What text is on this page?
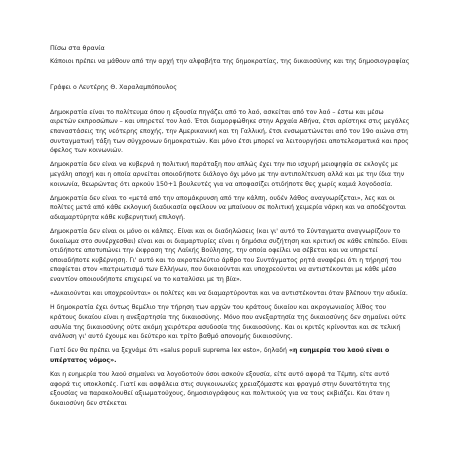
Πίσω στα θρανία
Κάποιοι πρέπει να μάθουν από την αρχή την αλφαβήτα της δημοκρατίας, της δικαιοσύνης και της δημοσιογραφίας
Γράφει ο Λευτέρης Θ. Χαραλαμπόπουλος
Δημοκρατία είναι το πολίτευμα όπου η εξουσία πηγάζει από το λαό, ασκείται από τον λαό – έστω και μέσω αιρετών εκπροσώπων – και υπηρετεί τον λαό. Έτσι διαμορφώθηκε στην Αρχαία Αθήνα, έτσι αρίστηκε στις μεγάλες επαναστάσεις της νεότερης εποχής, την Αμερικανική και τη Γαλλική, έτσι ενσωματώνεται από τον 19ο αιώνα στη συνταγματική τάξη των σύγχρονων δημοκρατιών. Και μόνο έτσι μπορεί να λειτουργήσει αποτελεσματικά και προς όφελος των κοινωνιών.
Δημοκρατία δεν είναι να κυβερνά η πολιτική παράταξη που απλώς έχει την πιο ισχυρή μειοψηφία σε εκλογές με μεγάλη αποχή και η οποία αρνείται οποιοδήποτε διάλογο όχι μόνο με την αντιπολίτευση αλλά και με την ίδια την κοινωνία, θεωρώντας ότι αρκούν 150+1 βουλευτές για να αποφασίζει οτιδήποτε θες χωρίς καμιά λογοδοσία.
Δημοκρατία δεν είναι το «μετά από την απομάκρυνση από την κάλπη, ουδέν λάθος αναγνωρίζεται», λες και οι πολίτες μετά από κάθε εκλογική διαδικασία οφείλουν να μπαίνουν σε πολιτική χειμερία νάρκη και να αποδέχονται αδιαμαρτύρητα κάθε κυβερνητική επιλογή.
Δημοκρατία δεν είναι οι μόνο οι κάλπες. Είναι και οι διαδηλώσεις (και γι' αυτό το Σύνταγματα αναγνωρίζουν το δικαίωμα στο συνέρχεσθαι) είναι και οι διαμαρτυρίες είναι η δημόσια συζήτηση και κριτική σε κάθε επίπεδο. Είναι οτιδήποτε αποτυπώνει την έκφραση της Λαϊκής Βούλησης, την οποία οφείλει να σέβεται και να υπηρετεί οποιαδήποτε κυβέρνηση. Γι' αυτό και το ακροτελεύτιο άρθρο του Συντάγματος ρητά αναφέρει ότι η τήρησή του επαφίεται στον «πατριωτισμό των Ελλήνων, που δικαιούνται και υποχρεούνται να αντιστέκονται με κάθε μέσο εναντίον οποιουδήποτε επιχειρεί να το καταλύσει με τη βία».
«Δικαιούνται και υποχρεούνται» οι πολίτες και να διαμαρτύρονται και να αντιστέκονται όταν βλέπουν την αδικία.
Η δημοκρατία έχει όντως θεμέλιο την τήρηση των αρχών του κράτους δικαίου και ακρογωνιαίος λίθος του κράτους δικαίου είναι η ανεξαρτησία της δικαιοσύνης. Μόνο που ανεξαρτησία της δικαιοσύνης δεν σημαίνει ούτε ασυλία της δικαιοσύνης ούτε ακόμη χειρότερα ασυδοσία της δικαιοσύνης. Και οι κριτές κρίνονται και σε τελική ανάλυση γι' αυτό έχουμε και δεύτερο και τρίτο βαθμό απονομής δικαιοσύνης.
Γιατί δεν θα πρέπει να ξεχνάμε ότι «salus populi suprema lex esto», δηλαδή «η ευημερία του λαού είναι ο υπέρτατος νόμος».
Και η ευημερία του λαού σημαίνει να λογοδοτούν όσοι ασκούν εξουσία, είτε αυτό αφορά τα Τέμπη, είτε αυτό αφορά τις υποκλοπές. Γιατί και ασφάλεια στις συγκοινωνίες χρειαζόμαστε και φραγμό στην δυνατότητα της εξουσίας να παρακολουθεί αξιωματούχους, δημοσιογράφους και πολιτικούς για να τους εκβιάζει. Και όταν η δικαιοσύνη δεν στέκεται
